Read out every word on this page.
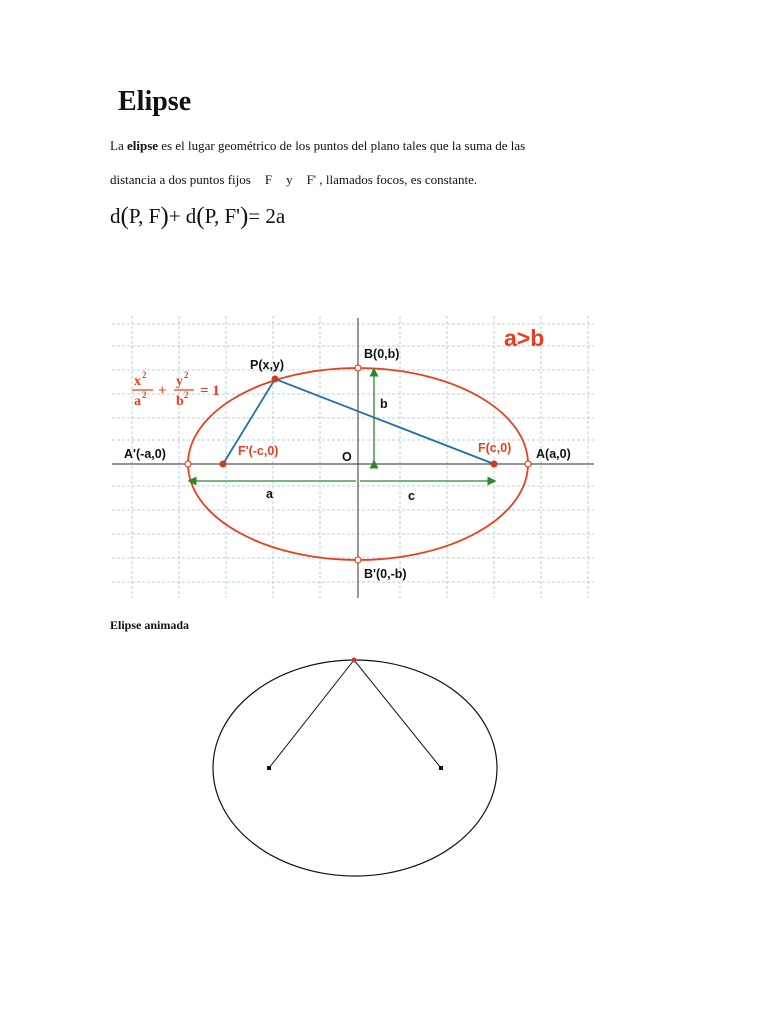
Elipse

La elipse es el lugar geométrico de los puntos del plano tales que la suma de las

distancia a dos puntos fijos F y F' , llamados focos, es constante.

d(P, F)+ d(P, F')= 2a

a>b
x 2
a 2 +
y 2
b 2 = 1
P(x,y)
B(0,b)
B'(0,-b)
A(a,0)
A'(-a,0)	F(c,0)
F'(-c,0)	O
b
a	c

Elipse animada
